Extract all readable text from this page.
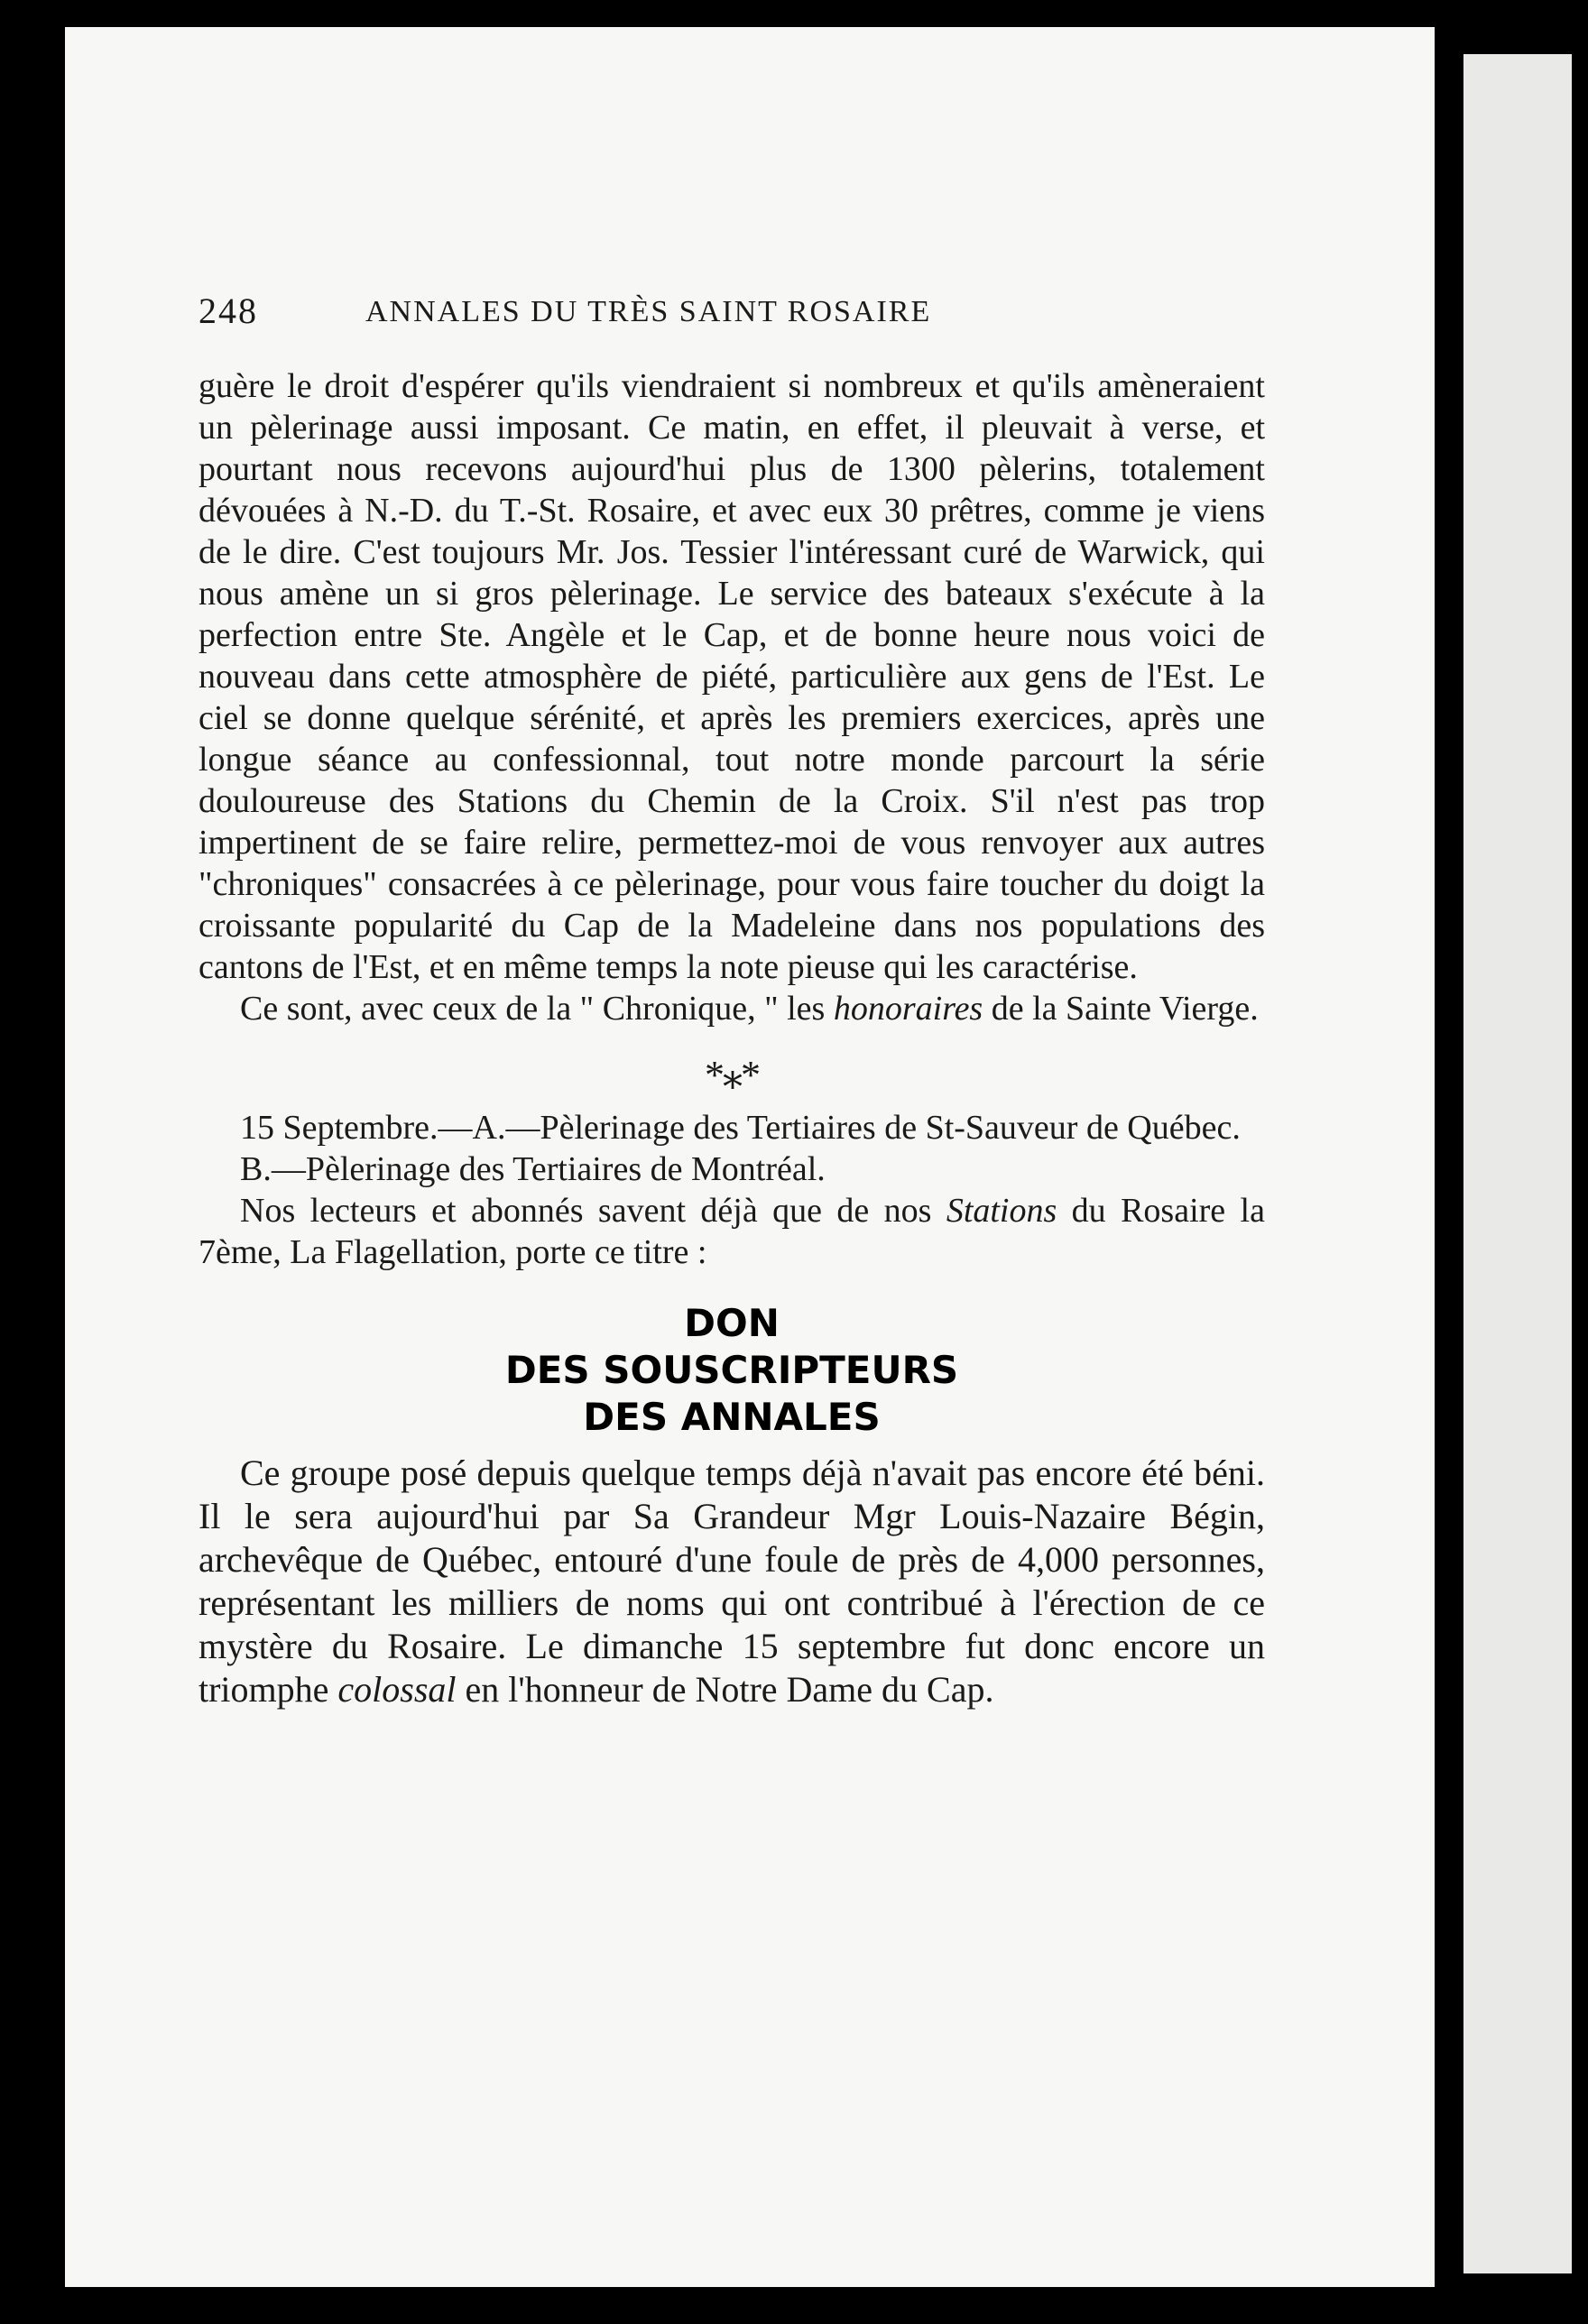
248	ANNALES DU TRÈS SAINT ROSAIRE

guère le droit d'espérer qu'ils viendraient si nombreux et qu'ils amèneraient un pèlerinage aussi imposant. Ce matin, en effet, il pleuvait à verse, et pourtant nous recevons aujourd'hui plus de 1300 pèlerins, totalement dévouées à N.-D. du T.-St. Rosaire, et avec eux 30 prêtres, comme je viens de le dire. C'est toujours Mr. Jos. Tessier l'intéressant curé de Warwick, qui nous amène un si gros pèlerinage. Le service des bateaux s'exécute à la perfection entre Ste. Angèle et le Cap, et de bonne heure nous voici de nouveau dans cette atmosphère de piété, particulière aux gens de l'Est. Le ciel se donne quelque sérénité, et après les premiers exercices, après une longue séance au confessionnal, tout notre monde parcourt la série douloureuse des Stations du Chemin de la Croix. S'il n'est pas trop impertinent de se faire relire, permettez-moi de vous renvoyer aux autres "chroniques" consacrées à ce pèlerinage, pour vous faire toucher du doigt la croissante popularité du Cap de la Madeleine dans nos populations des cantons de l'Est, et en même temps la note pieuse qui les caractérise.

Ce sont, avec ceux de la " Chronique, " les honoraires de la Sainte Vierge.

*⁎*

15 Septembre.—A.—Pèlerinage des Tertiaires de St-Sauveur de Québec.

B.—Pèlerinage des Tertiaires de Montréal.

Nos lecteurs et abonnés savent déjà que de nos Stations du Rosaire la 7ème, La Flagellation, porte ce titre :

DON
DES SOUSCRIPTEURS
DES ANNALES

Ce groupe posé depuis quelque temps déjà n'avait pas encore été béni. Il le sera aujourd'hui par Sa Grandeur Mgr Louis-Nazaire Bégin, archevêque de Québec, entouré d'une foule de près de 4,000 personnes, représentant les milliers de noms qui ont contribué à l'érection de ce mystère du Rosaire. Le dimanche 15 septembre fut donc encore un triomphe colossal en l'honneur de Notre Dame du Cap.
